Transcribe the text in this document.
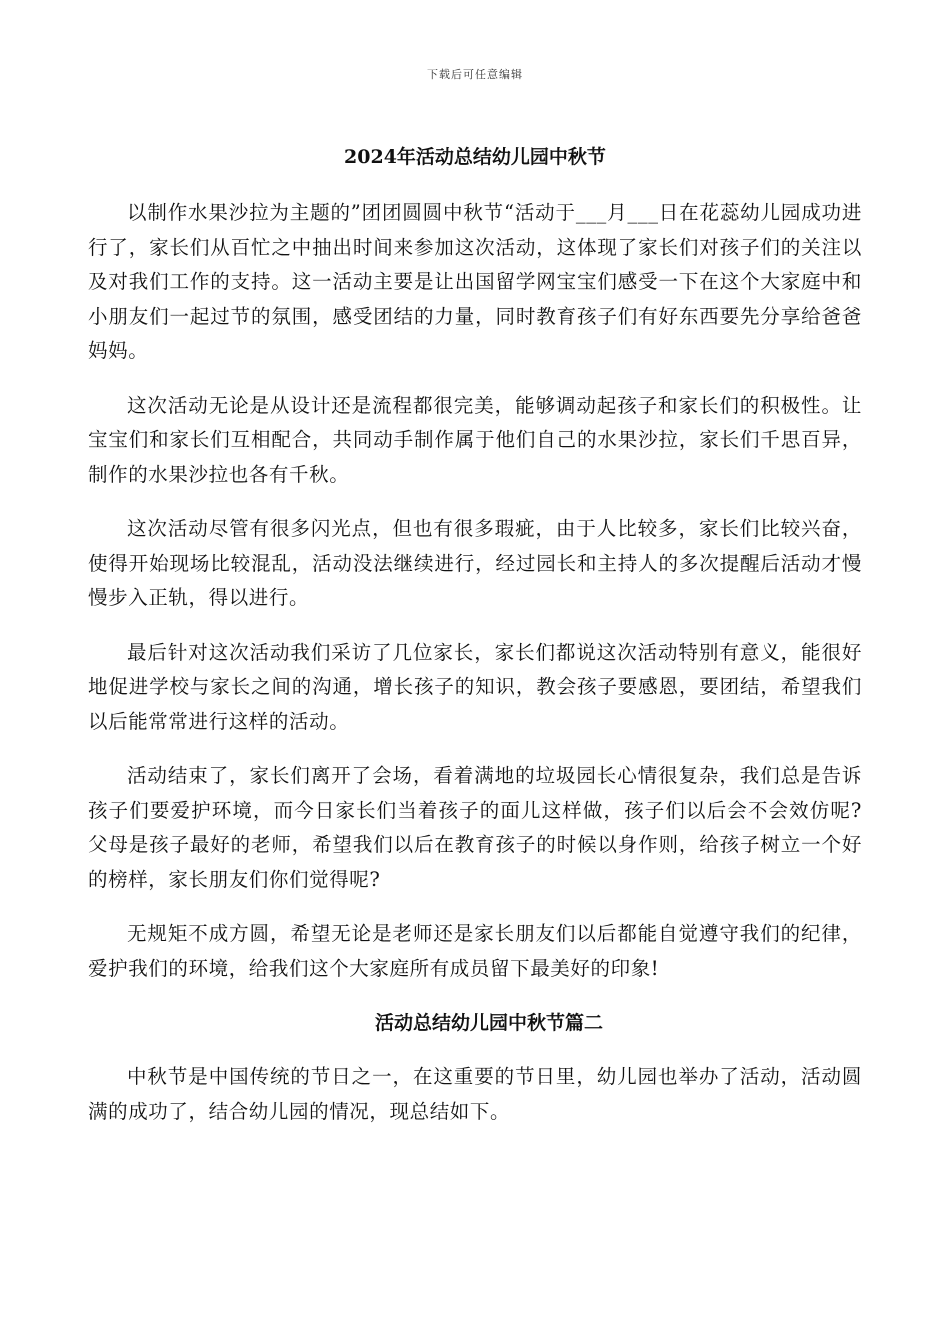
下载后可任意编辑
2024年活动总结幼儿园中秋节

以制作水果沙拉为主题的”团团圆圆中秋节“活动于___月___日在花蕊幼儿园成功进行了，家长们从百忙之中抽出时间来参加这次活动，这体现了家长们对孩子们的关注以及对我们工作的支持。这一活动主要是让出国留学网宝宝们感受一下在这个大家庭中和小朋友们一起过节的氛围，感受团结的力量，同时教育孩子们有好东西要先分享给爸爸妈妈。

这次活动无论是从设计还是流程都很完美，能够调动起孩子和家长们的积极性。让宝宝们和家长们互相配合，共同动手制作属于他们自己的水果沙拉，家长们千思百异，制作的水果沙拉也各有千秋。

这次活动尽管有很多闪光点，但也有很多瑕疵，由于人比较多，家长们比较兴奋，使得开始现场比较混乱，活动没法继续进行，经过园长和主持人的多次提醒后活动才慢慢步入正轨，得以进行。

最后针对这次活动我们采访了几位家长，家长们都说这次活动特别有意义，能很好地促进学校与家长之间的沟通，增长孩子的知识，教会孩子要感恩，要团结，希望我们以后能常常进行这样的活动。

活动结束了，家长们离开了会场，看着满地的垃圾园长心情很复杂，我们总是告诉孩子们要爱护环境，而今日家长们当着孩子的面儿这样做，孩子们以后会不会效仿呢?父母是孩子最好的老师，希望我们以后在教育孩子的时候以身作则，给孩子树立一个好的榜样，家长朋友们你们觉得呢?

无规矩不成方圆，希望无论是老师还是家长朋友们以后都能自觉遵守我们的纪律，爱护我们的环境，给我们这个大家庭所有成员留下最美好的印象!

活动总结幼儿园中秋节篇二

中秋节是中国传统的节日之一，在这重要的节日里，幼儿园也举办了活动，活动圆满的成功了，结合幼儿园的情况，现总结如下。
